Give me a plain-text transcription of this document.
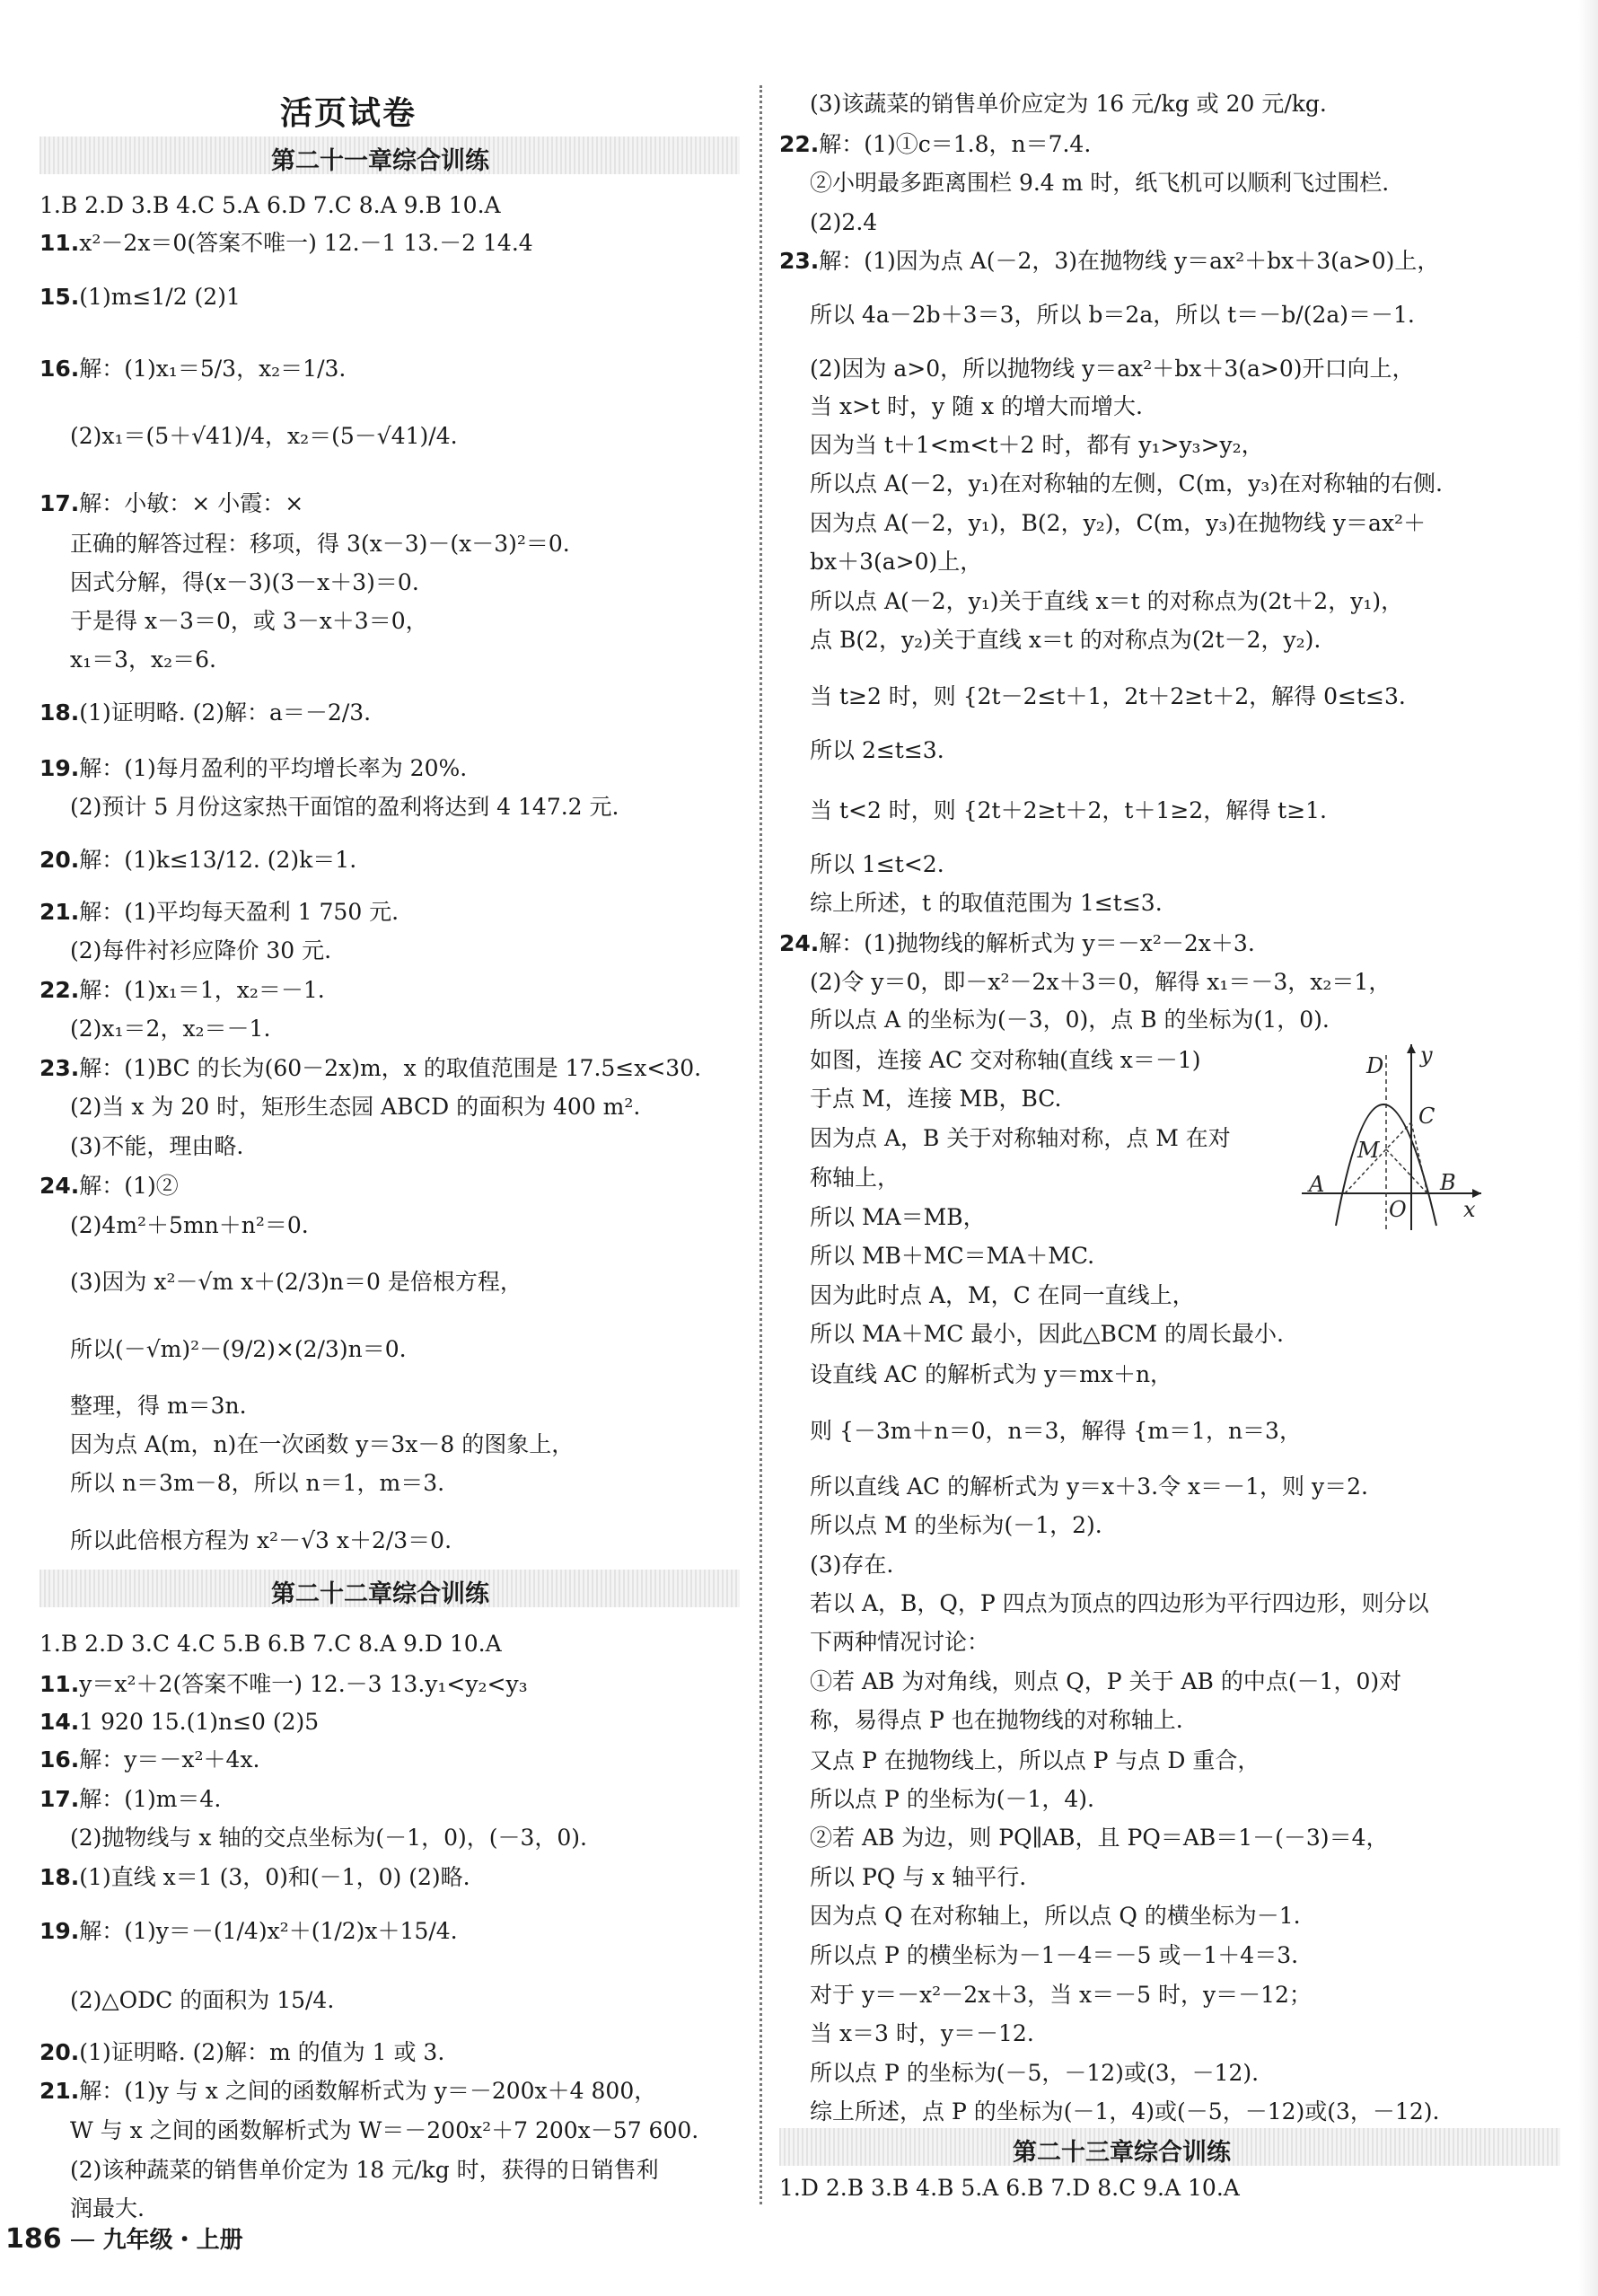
活页试卷
第二十一章综合训练
第二十二章综合训练
第二十三章综合训练
1.B 2.D 3.B 4.C 5.A 6.D 7.C 8.A 9.B 10.A
11.x²－2x＝0(答案不唯一) 12.－1 13.－2 14.4
15.(1)m≤1/2 (2)1
16.解：(1)x₁＝5/3，x₂＝1/3.
(2)x₁＝(5＋√41)/4，x₂＝(5－√41)/4.
17.解：小敏：× 小霞：×
正确的解答过程：移项，得 3(x－3)－(x－3)²＝0.
因式分解，得(x－3)(3－x＋3)＝0.
于是得 x－3＝0，或 3－x＋3＝0，
x₁＝3，x₂＝6.
18.(1)证明略. (2)解：a＝－2/3.
19.解：(1)每月盈利的平均增长率为 20%.
(2)预计 5 月份这家热干面馆的盈利将达到 4 147.2 元.
20.解：(1)k≤13/12. (2)k＝1.
21.解：(1)平均每天盈利 1 750 元.
(2)每件衬衫应降价 30 元.
22.解：(1)x₁＝1，x₂＝－1.
(2)x₁＝2，x₂＝－1.
23.解：(1)BC 的长为(60－2x)m，x 的取值范围是 17.5≤x<30.
(2)当 x 为 20 时，矩形生态园 ABCD 的面积为 400 m².
(3)不能，理由略.
24.解：(1)②
(2)4m²＋5mn＋n²＝0.
(3)因为 x²－√m x＋(2/3)n＝0 是倍根方程，
所以(－√m)²－(9/2)×(2/3)n＝0.
整理，得 m＝3n.
因为点 A(m，n)在一次函数 y＝3x－8 的图象上，
所以 n＝3m－8，所以 n＝1，m＝3.
所以此倍根方程为 x²－√3 x＋2/3＝0.
1.B 2.D 3.C 4.C 5.B 6.B 7.C 8.A 9.D 10.A
11.y＝x²＋2(答案不唯一) 12.－3 13.y₁<y₂<y₃
14.1 920 15.(1)n≤0 (2)5
16.解：y＝－x²＋4x.
17.解：(1)m＝4.
(2)抛物线与 x 轴的交点坐标为(－1，0)，(－3，0).
18.(1)直线 x＝1 (3，0)和(－1，0) (2)略.
19.解：(1)y＝－(1/4)x²＋(1/2)x＋15/4.
(2)△ODC 的面积为 15/4.
20.(1)证明略. (2)解：m 的值为 1 或 3.
21.解：(1)y 与 x 之间的函数解析式为 y＝－200x＋4 800，
W 与 x 之间的函数解析式为 W＝－200x²＋7 200x－57 600.
(2)该种蔬菜的销售单价定为 18 元/kg 时，获得的日销售利
润最大.
(3)该蔬菜的销售单价应定为 16 元/kg 或 20 元/kg.
22.解：(1)①c＝1.8，n＝7.4.
②小明最多距离围栏 9.4 m 时，纸飞机可以顺利飞过围栏.
(2)2.4
23.解：(1)因为点 A(－2，3)在抛物线 y＝ax²＋bx＋3(a>0)上，
所以 4a－2b＋3＝3，所以 b＝2a，所以 t＝－b/(2a)＝－1.
(2)因为 a>0，所以抛物线 y＝ax²＋bx＋3(a>0)开口向上，
当 x>t 时，y 随 x 的增大而增大.
因为当 t＋1<m<t＋2 时，都有 y₁>y₃>y₂，
所以点 A(－2，y₁)在对称轴的左侧，C(m，y₃)在对称轴的右侧.
因为点 A(－2，y₁)，B(2，y₂)，C(m，y₃)在抛物线 y＝ax²＋
bx＋3(a>0)上，
所以点 A(－2，y₁)关于直线 x＝t 的对称点为(2t＋2，y₁)，
点 B(2，y₂)关于直线 x＝t 的对称点为(2t－2，y₂).
当 t≥2 时，则 {2t－2≤t＋1，2t＋2≥t＋2，解得 0≤t≤3.
所以 2≤t≤3.
当 t<2 时，则 {2t＋2≥t＋2，t＋1≥2，解得 t≥1.
所以 1≤t<2.
综上所述，t 的取值范围为 1≤t≤3.
24.解：(1)抛物线的解析式为 y＝－x²－2x＋3.
(2)令 y＝0，即－x²－2x＋3＝0，解得 x₁＝－3，x₂＝1，
所以点 A 的坐标为(－3，0)，点 B 的坐标为(1，0).
如图，连接 AC 交对称轴(直线 x＝－1)
于点 M，连接 MB，BC.
因为点 A，B 关于对称轴对称，点 M 在对
称轴上，
所以 MA＝MB，
所以 MB＋MC＝MA＋MC.
因为此时点 A，M，C 在同一直线上，
所以 MA＋MC 最小，因此△BCM 的周长最小.
设直线 AC 的解析式为 y＝mx＋n，
则 {－3m＋n＝0，n＝3，解得 {m＝1，n＝3，
所以直线 AC 的解析式为 y＝x＋3.令 x＝－1，则 y＝2.
所以点 M 的坐标为(－1，2).
(3)存在.
若以 A，B，Q，P 四点为顶点的四边形为平行四边形，则分以
下两种情况讨论：
①若 AB 为对角线，则点 Q，P 关于 AB 的中点(－1，0)对
称，易得点 P 也在抛物线的对称轴上.
又点 P 在抛物线上，所以点 P 与点 D 重合，
所以点 P 的坐标为(－1，4).
②若 AB 为边，则 PQ∥AB，且 PQ＝AB＝1－(－3)＝4，
所以 PQ 与 x 轴平行.
因为点 Q 在对称轴上，所以点 Q 的横坐标为－1.
所以点 P 的横坐标为－1－4＝－5 或－1＋4＝3.
对于 y＝－x²－2x＋3，当 x＝－5 时，y＝－12；
当 x＝3 时，y＝－12.
所以点 P 的坐标为(－5，－12)或(3，－12).
综上所述，点 P 的坐标为(－1，4)或(－5，－12)或(3，－12).
1.D 2.B 3.B 4.B 5.A 6.B 7.D 8.C 9.A 10.A
D y
C
M
A	B
O	x
186 九年级・上册
